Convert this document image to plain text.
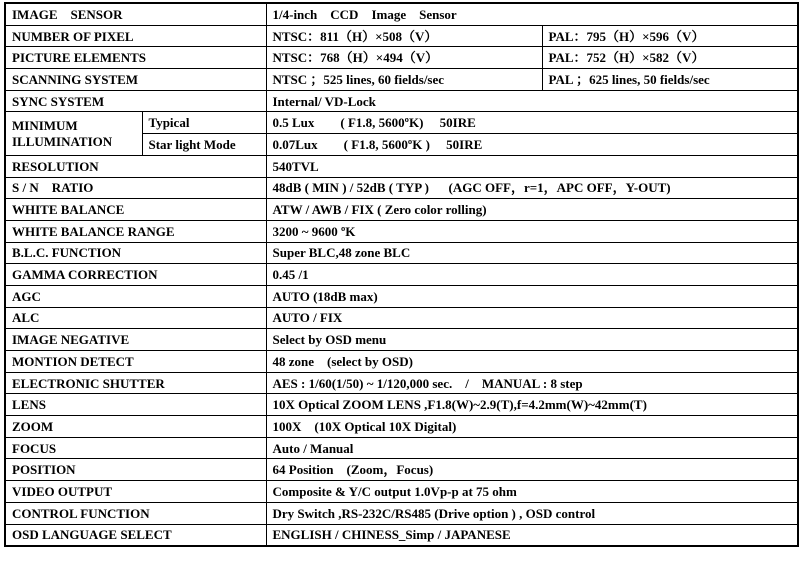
IMAGE    SENSOR		1/4-inch    CCD    Image    Sensor	
NUMBER OF PIXEL		NTSC：811（H）×508（V）	PAL：795（H）×596（V）
PICTURE ELEMENTS		NTSC：768（H）×494（V）	PAL：752（H）×582（V）
SCANNING SYSTEM		NTSC ；525 lines, 60 fields/sec	PAL ；625 lines, 50 fields/sec
SYNC SYSTEM		Internal/ VD-Lock	
MINIMUM ILLUMINATION	Typical	0.5 Lux        ( F1.8, 5600ºK)     50IRE	
	Star light Mode	0.07Lux        ( F1.8, 5600ºK )     50IRE	
RESOLUTION		540TVL	
S / N    RATIO		48dB ( MIN ) / 52dB ( TYP )      (AGC OFF，r=1，APC OFF，Y-OUT)	
WHITE BALANCE		ATW / AWB / FIX ( Zero color rolling)	
WHITE BALANCE RANGE		3200 ~ 9600 ºK	
B.L.C. FUNCTION		Super BLC,48 zone BLC	
GAMMA CORRECTION		0.45 /1	
AGC		AUTO (18dB max)	
ALC		AUTO / FIX	
IMAGE NEGATIVE		Select by OSD menu	
MONTION DETECT		48 zone    (select by OSD)	
ELECTRONIC SHUTTER		AES : 1/60(1/50) ~ 1/120,000 sec.    /    MANUAL : 8 step	
LENS		10X Optical ZOOM LENS ,F1.8(W)~2.9(T),f=4.2mm(W)~42mm(T)	
ZOOM		100X    (10X Optical 10X Digital)	
FOCUS		Auto / Manual	
POSITION		64 Position    (Zoom，Focus)	
VIDEO OUTPUT		Composite & Y/C output 1.0Vp-p at 75 ohm	
CONTROL FUNCTION		Dry Switch ,RS-232C/RS485 (Drive option ) , OSD control	
OSD LANGUAGE SELECT		ENGLISH / CHINESS_Simp / JAPANESE	
